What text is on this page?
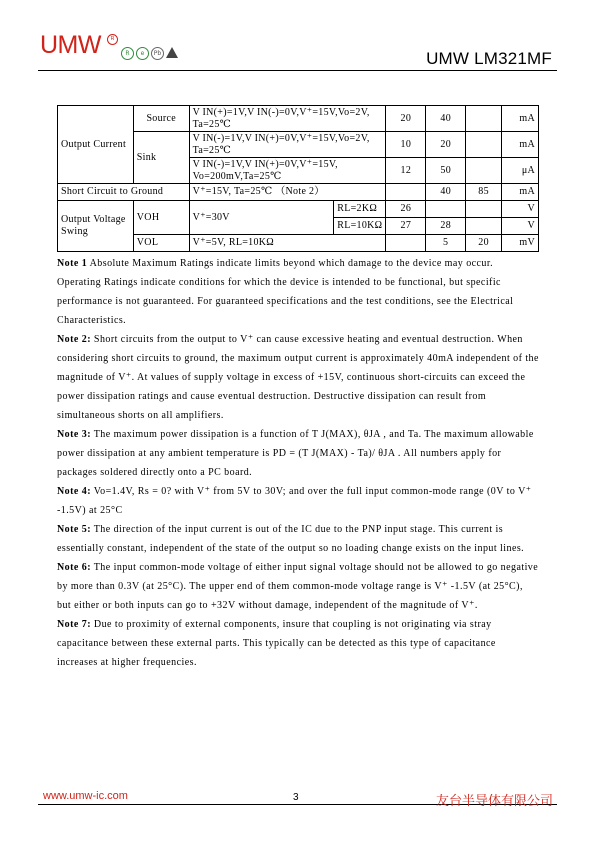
UMW	R
R	e	Pb	UMW LM321MF
Output Current	Source	V IN(+)=1V,V IN(-)=0V,V⁺=15V,Vo=2V, Ta=25℃		20	40		mA
	Sink	V IN(-)=1V,V IN(+)=0V,V⁺=15V,Vo=2V, Ta=25℃		10	20		mA
		V IN(-)=1V,V IN(+)=0V,V⁺=15V, Vo=200mV,Ta=25℃		12	50		μA
Short Circuit to Ground		V⁺=15V, Ta=25℃ （Note 2）			40	85	mA
Output Voltage Swing	VOH	V⁺=30V	RL=2KΩ	26			V
			RL=10KΩ	27	28		V
	VOL	V⁺=5V, RL=10KΩ			5	20	mV

Note 1 Absolute Maximum Ratings indicate limits beyond which damage to the device may occur. Operating Ratings indicate conditions for which the device is intended to be functional, but specific performance is not guaranteed. For guaranteed specifications and the test conditions, see the Electrical Characteristics.

Note 2: Short circuits from the output to V⁺ can cause excessive heating and eventual destruction. When considering short circuits to ground, the maximum output current is approximately 40mA independent of the magnitude of V⁺. At values of supply voltage in excess of +15V, continuous short-circuits can exceed the power dissipation ratings and cause eventual destruction. Destructive dissipation can result from simultaneous shorts on all amplifiers.

Note 3: The maximum power dissipation is a function of T J(MAX), θJA , and Ta. The maximum allowable power dissipation at any ambient temperature is PD = (T J(MAX) - Ta)/ θJA . All numbers apply for packages soldered directly onto a PC board.

Note 4: Vo=1.4V, Rs = 0? with V⁺ from 5V to 30V; and over the full input common-mode range (0V to V⁺ -1.5V) at 25°C

Note 5: The direction of the input current is out of the IC due to the PNP input stage. This current is essentially constant, independent of the state of the output so no loading change exists on the input lines.

Note 6: The input common-mode voltage of either input signal voltage should not be allowed to go negative by more than 0.3V (at 25°C). The upper end of them common-mode voltage range is V⁺ -1.5V (at 25°C), but either or both inputs can go to +32V without damage, independent of the magnitude of V⁺.

Note 7: Due to proximity of external components, insure that coupling is not originating via stray capacitance between these external parts. This typically can be detected as this type of capacitance increases at higher frequencies.

www.umw-ic.com	3	友台半导体有限公司
